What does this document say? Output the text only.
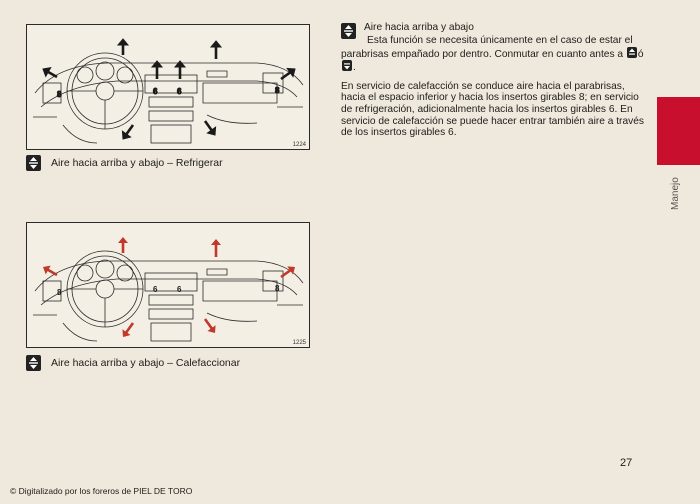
8	6 6	8
1224
Aire hacia arriba y abajo – Refrigerar
8	6 6	8
1225
Aire hacia arriba y abajo – Calefaccionar
Aire hacia arriba y abajo

Esta función se necesita únicamente en el caso de estar el parabrisas empañado por dentro. Conmutar en cuanto antes a ó
.

En servicio de calefacción se conduce aire hacia el parabrisas, hacia el espacio inferior y hacia los insertos girables 8; en servicio de refrigeración, adicionalmente hacia los insertos girables 6. En servicio de calefacción se puede hacer entrar también aire a través de los insertos girables 6.

Manejo
27
© Digitalizado por los foreros de PIEL DE TORO
